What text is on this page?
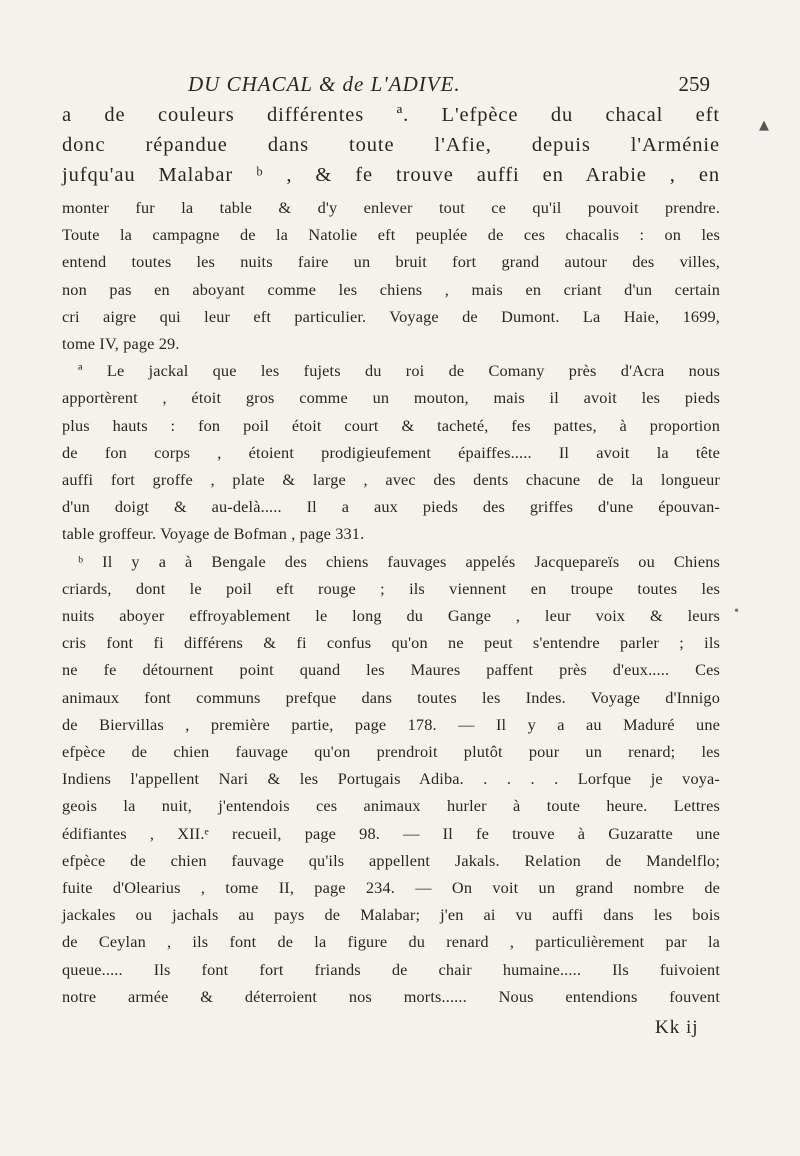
DU CHACAL & de L'ADIVE.	259
a de couleurs différentes ª. L'efpèce du chacal eft
donc répandue dans toute l'Afie, depuis l'Arménie
jufqu'au Malabar ᵇ , & fe trouve auffi en Arabie , en
▲
monter fur la table & d'y enlever tout ce qu'il pouvoit prendre.
Toute la campagne de la Natolie eft peuplée de ces chacalis : on les
entend toutes les nuits faire un bruit fort grand autour des villes,
non pas en aboyant comme les chiens , mais en criant d'un certain
cri aigre qui leur eft particulier. Voyage de Dumont. La Haie, 1699,
tome IV, page 29.
ª Le jackal que les fujets du roi de Comany près d'Acra nous
apportèrent , étoit gros comme un mouton, mais il avoit les pieds
plus hauts : fon poil étoit court & tacheté, fes pattes, à proportion
de fon corps , étoient prodigieufement épaiffes..... Il avoit la tête
auffi fort groffe , plate & large , avec des dents chacune de la longueur
d'un doigt & au-delà..... Il a aux pieds des griffes d'une épouvan-
table groffeur. Voyage de Bofman , page 331.
ᵇ Il y a à Bengale des chiens fauvages appelés Jacquepareïs ou Chiens
criards, dont le poil eft rouge ; ils viennent en troupe toutes les
nuits aboyer effroyablement le long du Gange , leur voix & leurs
cris font fi différens & fi confus qu'on ne peut s'entendre parler ; ils
ne fe détournent point quand les Maures paffent près d'eux..... Ces
animaux font communs prefque dans toutes les Indes. Voyage d'Innigo
de Biervillas , première partie, page 178. — Il y a au Maduré une
efpèce de chien fauvage qu'on prendroit plutôt pour un renard; les
Indiens l'appellent Nari & les Portugais Adiba. . . . . Lorfque je voya-
geois la nuit, j'entendois ces animaux hurler à toute heure. Lettres
édifiantes , XII.ᵉ recueil, page 98. — Il fe trouve à Guzaratte une
efpèce de chien fauvage qu'ils appellent Jakals. Relation de Mandelflo;
fuite d'Olearius , tome II, page 234. — On voit un grand nombre de
jackales ou jachals au pays de Malabar; j'en ai vu auffi dans les bois
de Ceylan , ils font de la figure du renard , particulièrement par la
queue..... Ils font fort friands de chair humaine..... Ils fuivoient
notre armée & déterroient nos morts...... Nous entendions fouvent
•
Kk ij
